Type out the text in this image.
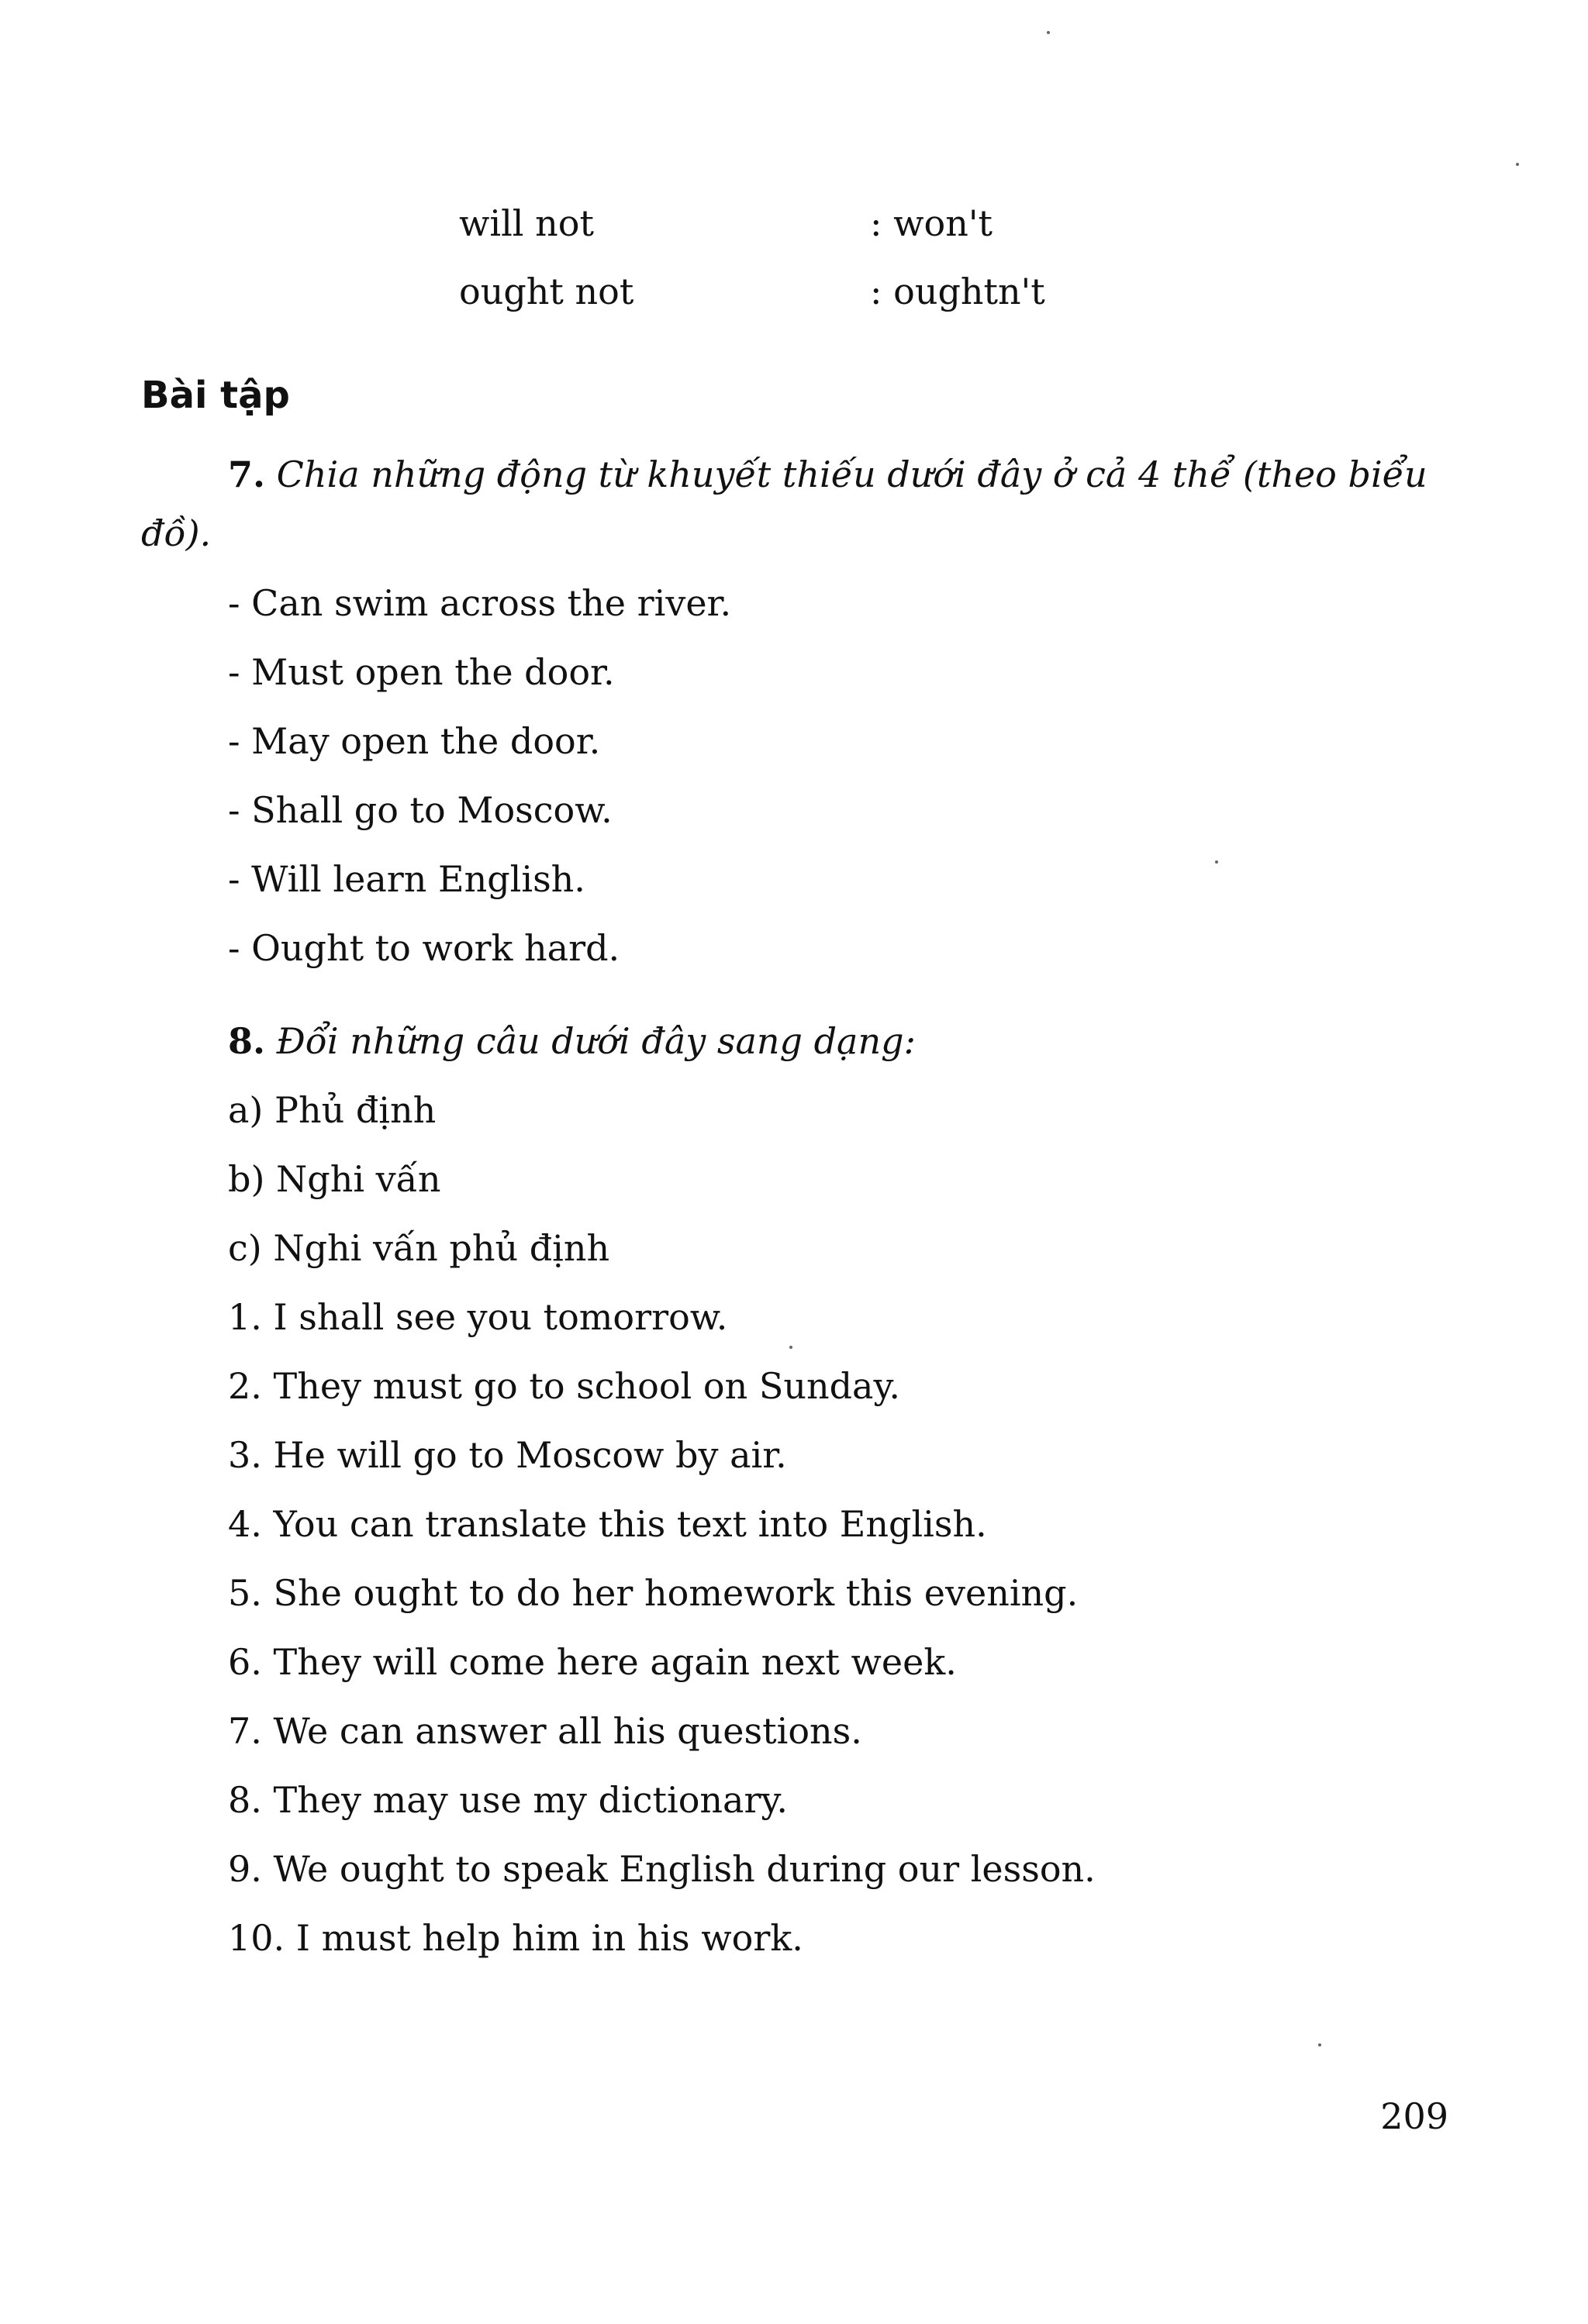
will not	: won't
ought not	: oughtn't
Bài tập

7. Chia những động từ khuyết thiếu dưới đây ở cả 4 thể (theo biểu đồ).

- Can swim across the river.

- Must open the door.

- May open the door.

- Shall go to Moscow.

- Will learn English.

- Ought to work hard.

8. Đổi những câu dưới đây sang dạng:

a) Phủ định

b) Nghi vấn

c) Nghi vấn phủ định

1. I shall see you tomorrow.

2. They must go to school on Sunday.

3. He will go to Moscow by air.

4. You can translate this text into English.

5. She ought to do her homework this evening.

6. They will come here again next week.

7. We can answer all his questions.

8. They may use my dictionary.

9. We ought to speak English during our lesson.

10. I must help him in his work.

209
